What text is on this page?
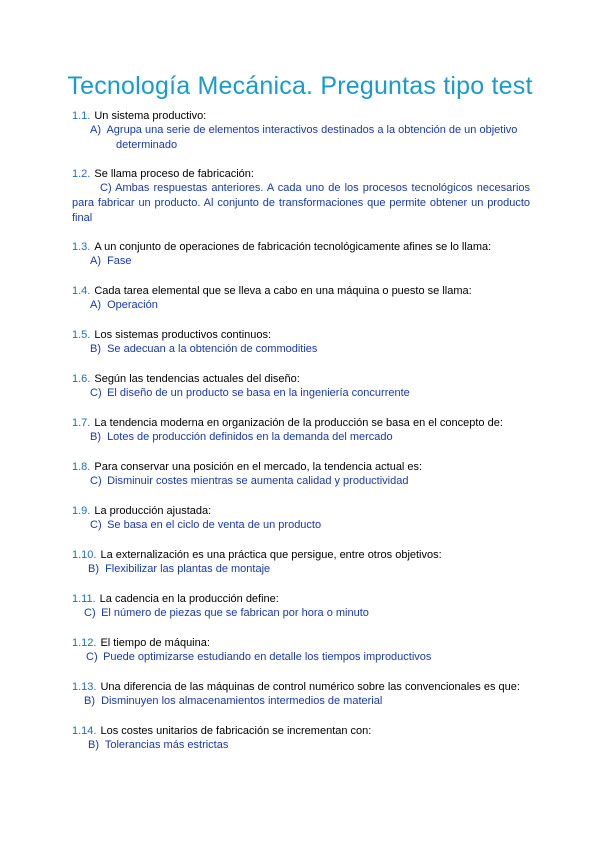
Tecnología Mecánica. Preguntas tipo test
1.1. Un sistema productivo:
A) Agrupa una serie de elementos interactivos destinados a la obtención de un objetivo
determinado
1.2. Se llama proceso de fabricación:
C) Ambas respuestas anteriores. A cada uno de los procesos tecnológicos necesarios para fabricar un producto. Al conjunto de transformaciones que permite obtener un producto final
1.3. A un conjunto de operaciones de fabricación tecnológicamente afines se lo llama:
A) Fase
1.4. Cada tarea elemental que se lleva a cabo en una máquina o puesto se llama:
A) Operación
1.5. Los sistemas productivos continuos:
B) Se adecuan a la obtención de commodities
1.6. Según las tendencias actuales del diseño:
C) El diseño de un producto se basa en la ingeniería concurrente
1.7. La tendencia moderna en organización de la producción se basa en el concepto de:
B) Lotes de producción definidos en la demanda del mercado
1.8. Para conservar una posición en el mercado, la tendencia actual es:
C) Disminuir costes mientras se aumenta calidad y productividad
1.9. La producción ajustada:
C) Se basa en el ciclo de venta de un producto
1.10. La externalización es una práctica que persigue, entre otros objetivos:
B) Flexibilizar las plantas de montaje
1.11. La cadencia en la producción define:
C) El número de piezas que se fabrican por hora o minuto
1.12. El tiempo de máquina:
C) Puede optimizarse estudiando en detalle los tiempos improductivos
1.13. Una diferencia de las máquinas de control numérico sobre las convencionales es que:
B) Disminuyen los almacenamientos intermedios de material
1.14. Los costes unitarios de fabricación se incrementan con:
B) Tolerancias más estrictas
